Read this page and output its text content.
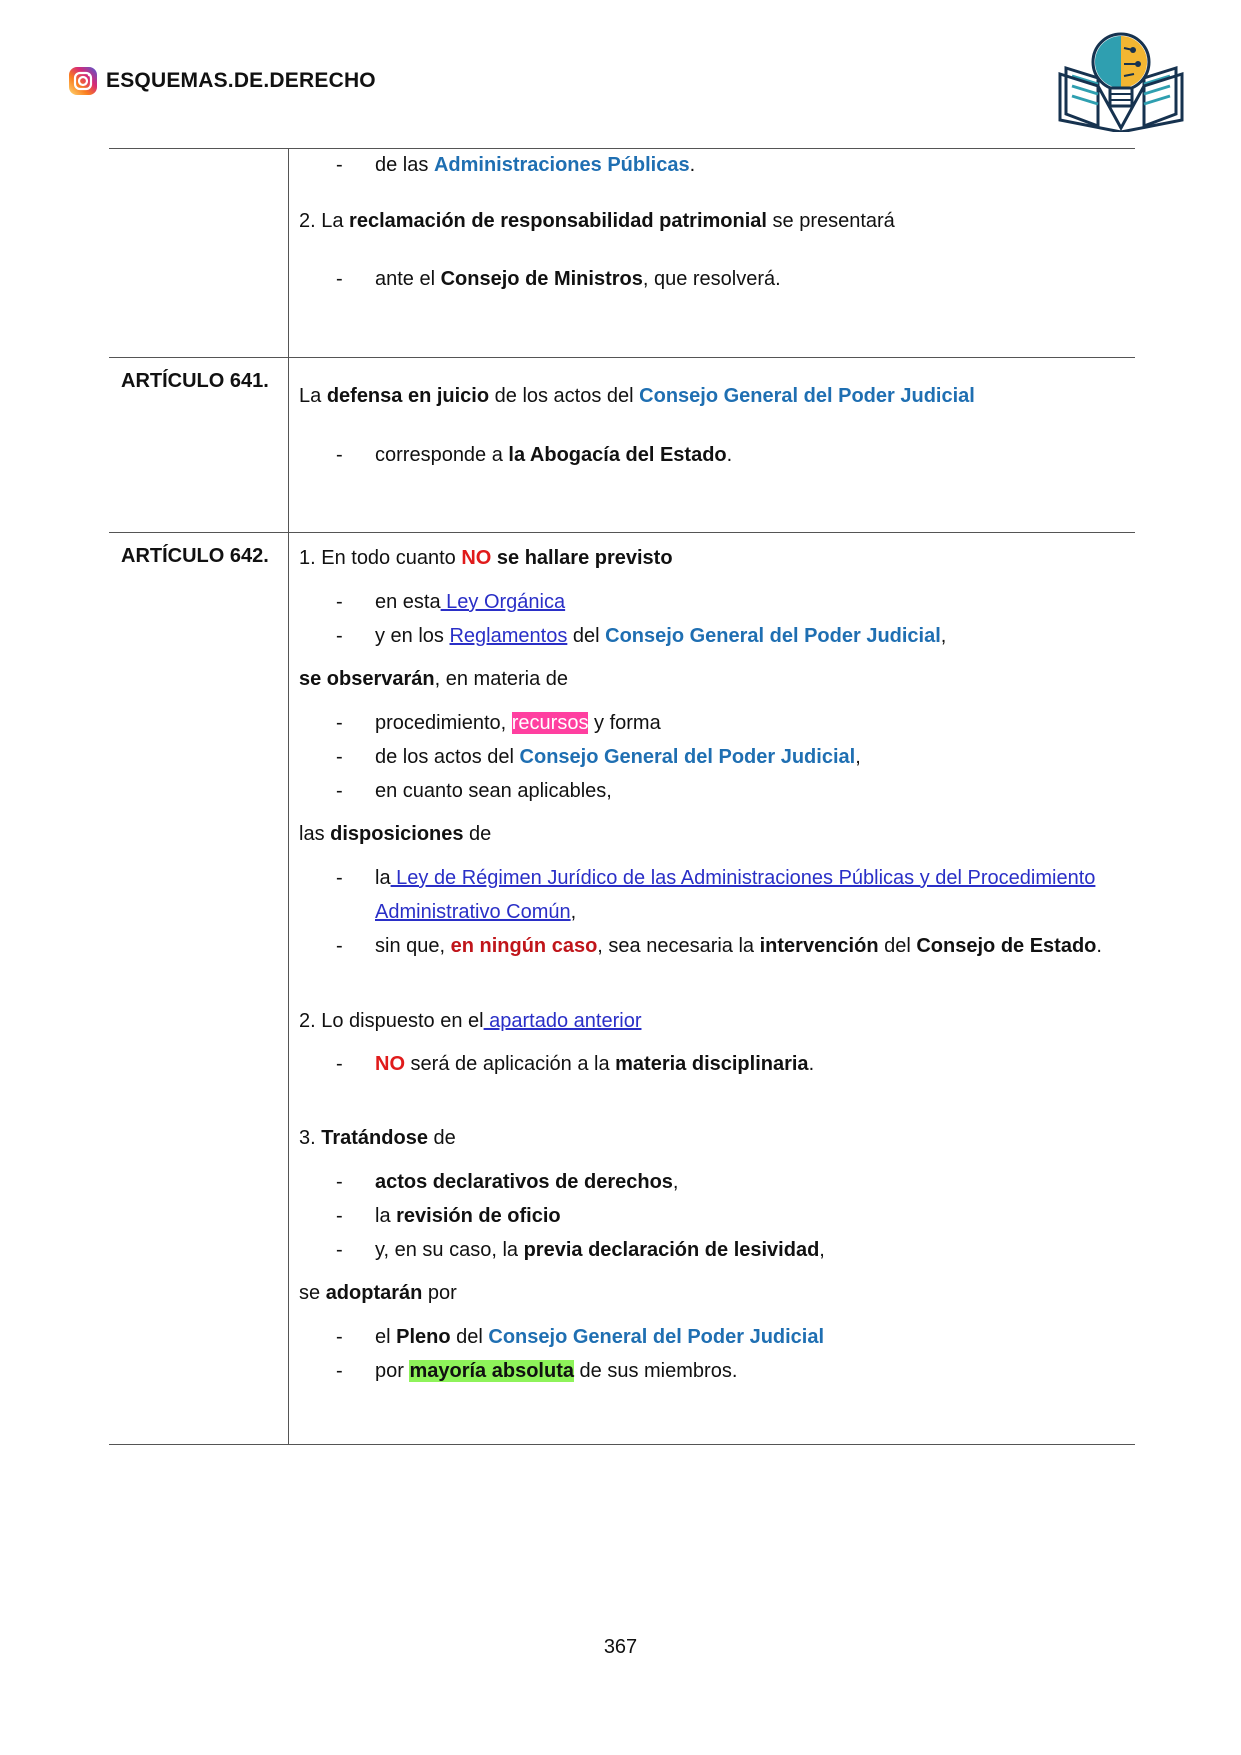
ESQUEMAS.DE.DERECHO
- de las Administraciones Públicas.
2. La reclamación de responsabilidad patrimonial se presentará
- ante el Consejo de Ministros, que resolverá.
ARTÍCULO 641.
La defensa en juicio de los actos del Consejo General del Poder Judicial
- corresponde a la Abogacía del Estado.
ARTÍCULO 642. 1. En todo cuanto NO se hallare previsto
- en esta Ley Orgánica
- y en los Reglamentos del Consejo General del Poder Judicial,
se observarán, en materia de
- procedimiento, recursos y forma
- de los actos del Consejo General del Poder Judicial,
- en cuanto sean aplicables,
las disposiciones de
- la Ley de Régimen Jurídico de las Administraciones Públicas y del Procedimiento
Administrativo Común,
- sin que, en ningún caso, sea necesaria la intervención del Consejo de Estado.
2. Lo dispuesto en el apartado anterior
- NO será de aplicación a la materia disciplinaria.
3. Tratándose de
- actos declarativos de derechos,
- la revisión de oficio
- y, en su caso, la previa declaración de lesividad,
se adoptarán por
- el Pleno del Consejo General del Poder Judicial
- por mayoría absoluta de sus miembros.
367
